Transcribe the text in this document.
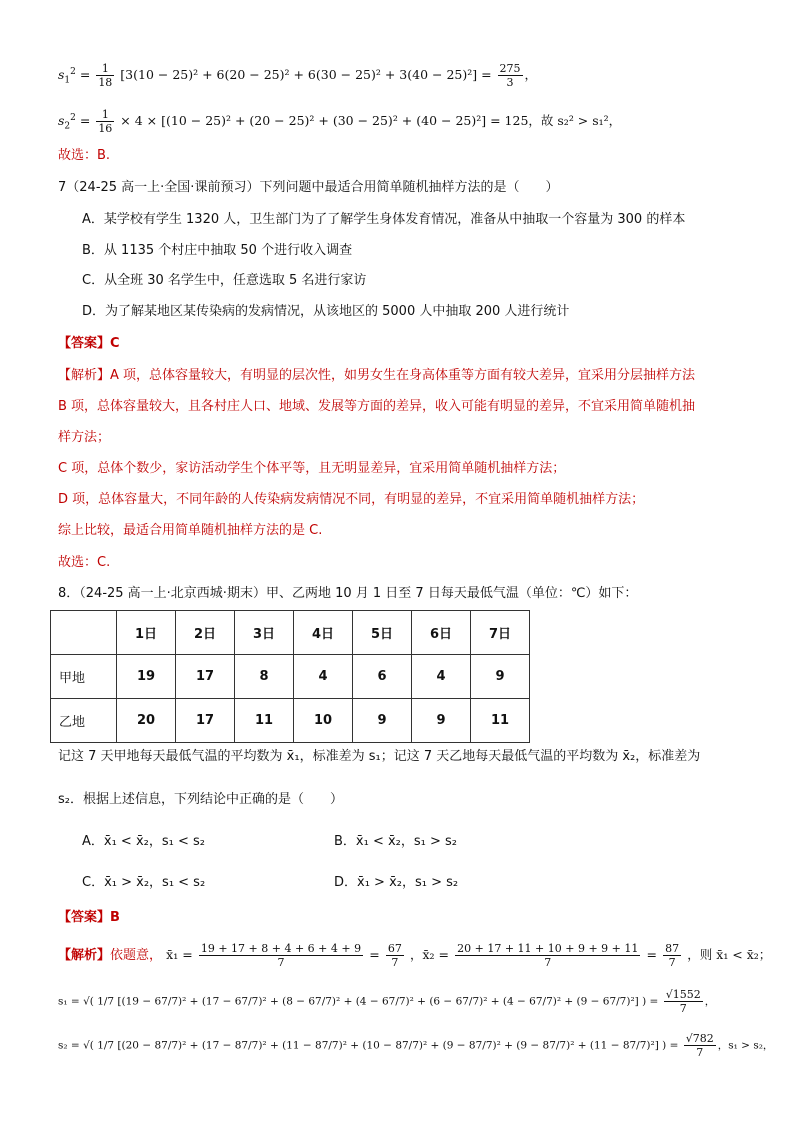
$s_1^2 = \frac{1}{18} [3(10 - 25)^2 + 6(20 - 25)^2 + 6(30 - 25)^2 + 3(40 - 25)^2] = \frac{275}{3}$ ，
$s_2^2 = \frac{1}{16} \times 4 \times [(10 - 25)^2 + (20 - 25)^2 + (30 - 25)^2 + (40 - 25)^2] = 125$，故 s₂² > s₁²，
故选：B.
7（24-25 高一上·全国·课前预习）下列问题中最适合用简单随机抽样方法的是（　　）
A．某学校有学生 1320 人，卫生部门为了了解学生身体发育情况，准备从中抽取一个容量为 300 的样本
B．从 1135 个村庄中抽取 50 个进行收入调查
C．从全班 30 名学生中，任意选取 5 名进行家访
D．为了解某地区某传染病的发病情况，从该地区的 5000 人中抽取 200 人进行统计
【答案】C
【解析】A 项，总体容量较大，有明显的层次性，如男女生在身高体重等方面有较大差异，宜采用分层抽样方法
B 项，总体容量较大，且各村庄人口、地域、发展等方面的差异，收入可能有明显的差异，不宜采用简单随机抽
样方法；
C 项，总体个数少，家访活动学生个体平等，且无明显差异，宜采用简单随机抽样方法；
D 项，总体容量大，不同年龄的人传染病发病情况不同，有明显的差异，不宜采用简单随机抽样方法；
综上比较，最适合用简单随机抽样方法的是 C.
故选：C.
8．（24-25 高一上·北京西城·期末）甲、乙两地 10 月 1 日至 7 日每天最低气温（单位：℃）如下：
	1日	2日	3日	4日	5日	6日	7日
甲地	19	17	8	4	6	4	9
乙地	20	17	11	10	9	9	11
记这 7 天甲地每天最低气温的平均数为 x̄₁，标准差为 s₁；记这 7 天乙地每天最低气温的平均数为 x̄₂，标准差为
s₂．根据上述信息，下列结论中正确的是（　　）
A．x̄₁ < x̄₂，s₁ < s₂	B．x̄₁ < x̄₂，s₁ > s₂
C．x̄₁ > x̄₂，s₁ < s₂	D．x̄₁ > x̄₂，s₁ > s₂
【答案】B
【解析】依题意， x̄₁ = $\frac{19 + 17 + 8 + 4 + 6 + 4 + 9}{7} = \frac{67}{7}$ ，x̄₂ = $\frac{20 + 17 + 11 + 10 + 9 + 9 + 11}{7} = \frac{87}{7}$ ，则 x̄₁ < x̄₂；
s₁ = √( 1/7 [(19 − 67/7)² + (17 − 67/7)² + (8 − 67/7)² + (4 − 67/7)² + (6 − 67/7)² + (4 − 67/7)² + (9 − 67/7)²] ) = $\frac{√1552}{7}$ ，
s₂ = √( 1/7 [(20 − 87/7)² + (17 − 87/7)² + (11 − 87/7)² + (10 − 87/7)² + (9 − 87/7)² + (9 − 87/7)² + (11 − 87/7)²] ) = $\frac{√782}{7}$ ，s₁ > s₂，
